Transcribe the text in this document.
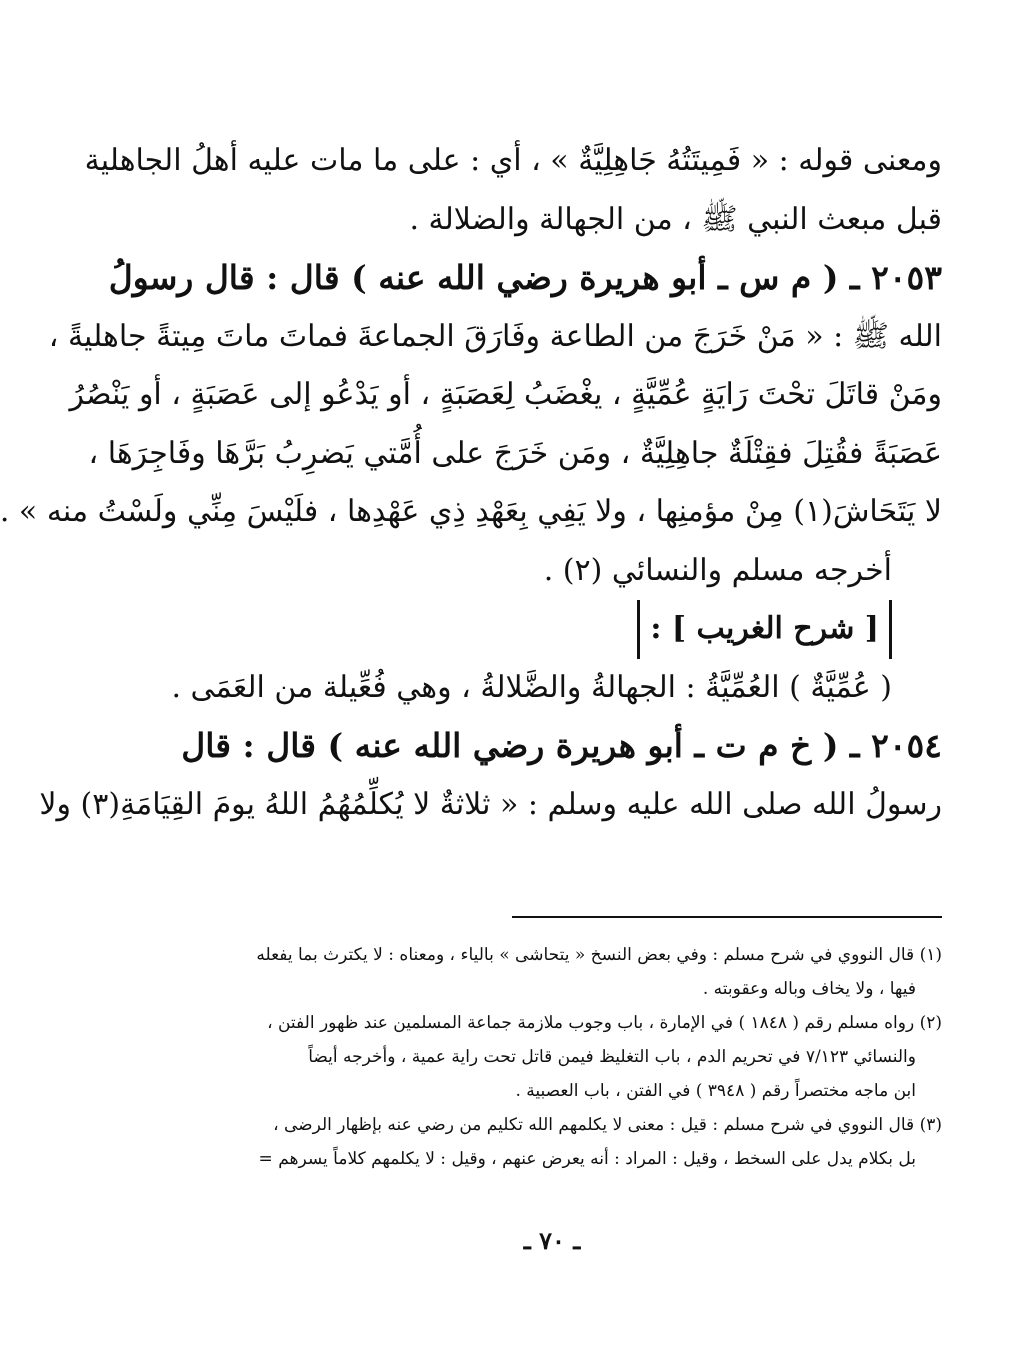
ومعنى قوله : « فَمِيتَتُهُ جَاهِلِيَّةٌ » ، أي : على ما مات عليه أهلُ الجاهلية
قبل مبعث النبي ﷺ ، من الجهالة والضلالة .
٢٠٥٣ ـ ( م س ـ أبو هريرة رضي الله عنه ) قال : قال رسولُ
الله ﷺ : « مَنْ خَرَجَ من الطاعة وفَارَقَ الجماعةَ فماتَ ماتَ مِيتةً جاهليةً ،
ومَنْ قاتَلَ تحْتَ رَايَةٍ عُمِّيَّةٍ ، يغْضَبُ لِعَصَبَةٍ ، أو يَدْعُو إلى عَصَبَةٍ ، أو يَنْصُرُ
عَصَبَةً فقُتِلَ فقِتْلَةٌ جاهِلِيَّةٌ ، ومَن خَرَجَ على أُمَّتي يَضرِبُ بَرَّهَا وفَاجِرَهَا ،
لا يَتَحَاشَ(١) مِنْ مؤمنِها ، ولا يَفِي بِعَهْدِ ذِي عَهْدِها ، فلَيْسَ مِنِّي ولَسْتُ منه » .
أخرجه مسلم والنسائي (٢) .
[ شرح الغريب ] :
( عُمِّيَّةٌ ) العُمِّيَّةُ : الجهالةُ والضَّلالةُ ، وهي فُعِّيلة من العَمَى .
٢٠٥٤ ـ ( خ م ت ـ أبو هريرة رضي الله عنه ) قال : قال
رسولُ الله صلى الله عليه وسلم : « ثلاثةٌ لا يُكلِّمُهُمُ اللهُ يومَ القِيَامَةِ(٣) ولا
(١) قال النووي في شرح مسلم : وفي بعض النسخ « يتحاشى » بالياء ، ومعناه : لا يكترث بما يفعله
فيها ، ولا يخاف وباله وعقوبته .
(٢) رواه مسلم رقم ( ١٨٤٨ ) في الإمارة ، باب وجوب ملازمة جماعة المسلمين عند ظهور الفتن ،
والنسائي ٧/١٢٣ في تحريم الدم ، باب التغليظ فيمن قاتل تحت راية عمية ، وأخرجه أيضاً
ابن ماجه مختصراً رقم ( ٣٩٤٨ ) في الفتن ، باب العصبية .
(٣) قال النووي في شرح مسلم : قيل : معنى لا يكلمهم الله تكليم من رضي عنه بإظهار الرضى ،
بل بكلام يدل على السخط ، وقيل : المراد : أنه يعرض عنهم ، وقيل : لا يكلمهم كلاماً يسرهم =
ـ ٧٠ ـ
